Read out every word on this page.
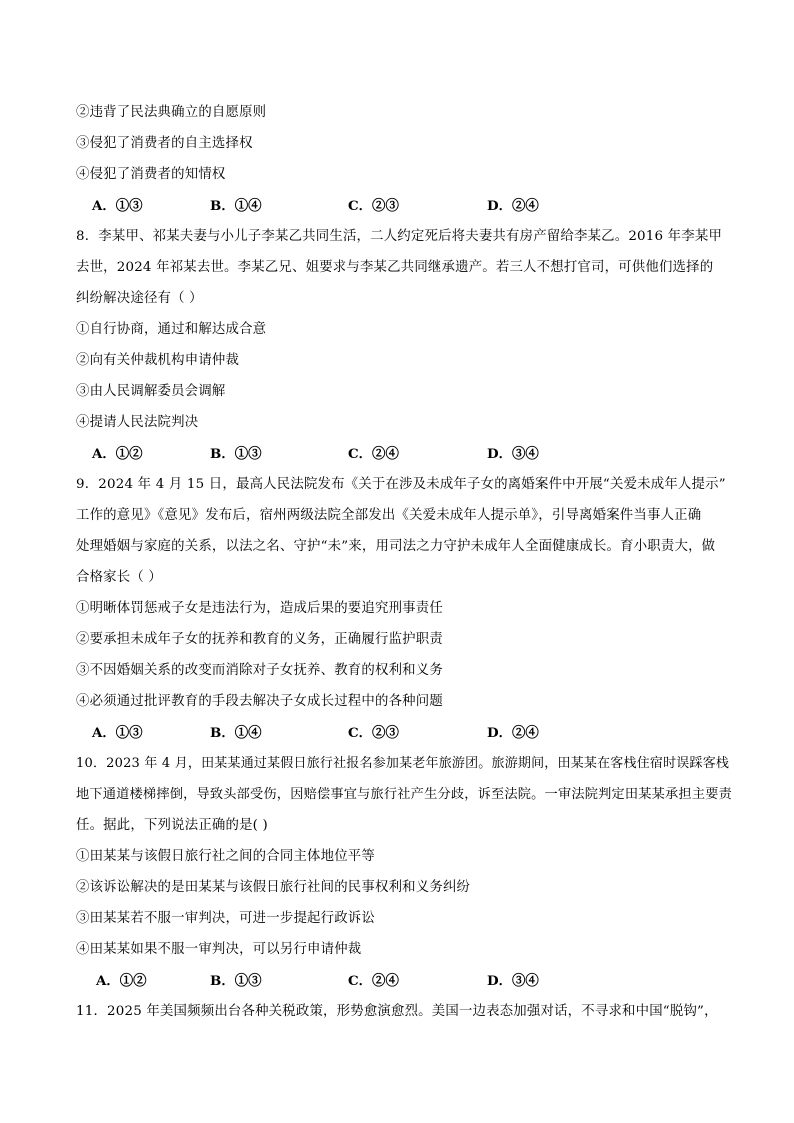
②违背了民法典确立的自愿原则
③侵犯了消费者的自主选择权
④侵犯了消费者的知情权
A．①③	B．①④	C．②③	D．②④
8．李某甲、祁某夫妻与小儿子李某乙共同生活，二人约定死后将夫妻共有房产留给李某乙。2016 年李某甲
去世，2024 年祁某去世。李某乙兄、姐要求与李某乙共同继承遗产。若三人不想打官司，可供他们选择的
纠纷解决途径有（ ）
①自行协商，通过和解达成合意
②向有关仲裁机构申请仲裁
③由人民调解委员会调解
④提请人民法院判决
A．①②	B．①③	C．②④	D．③④
9．2024 年 4 月 15 日，最高人民法院发布《关于在涉及未成年子女的离婚案件中开展“关爱未成年人提示”
工作的意见》《意见》发布后，宿州两级法院全部发出《关爱未成年人提示单》，引导离婚案件当事人正确
处理婚姻与家庭的关系，以法之名、守护“未”来，用司法之力守护未成年人全面健康成长。育小职责大，做
合格家长（ ）
①明晰体罚惩戒子女是违法行为，造成后果的要追究刑事责任
②要承担未成年子女的抚养和教育的义务，正确履行监护职责
③不因婚姻关系的改变而消除对子女抚养、教育的权利和义务
④必须通过批评教育的手段去解决子女成长过程中的各种问题
A．①③	B．①④	C．②③	D．②④
10．2023 年 4 月，田某某通过某假日旅行社报名参加某老年旅游团。旅游期间，田某某在客栈住宿时误踩客栈
地下通道楼梯摔倒，导致头部受伤，因赔偿事宜与旅行社产生分歧，诉至法院。一审法院判定田某某承担主要责
任。据此，下列说法正确的是( )
①田某某与该假日旅行社之间的合同主体地位平等
②该诉讼解决的是田某某与该假日旅行社间的民事权利和义务纠纷
③田某某若不服一审判决，可进一步提起行政诉讼
④田某某如果不服一审判决，可以另行申请仲裁
A．①②	B．①③	C．②④	D．③④
11．2025 年美国频频出台各种关税政策，形势愈演愈烈。美国一边表态加强对话，不寻求和中国“脱钩”，
